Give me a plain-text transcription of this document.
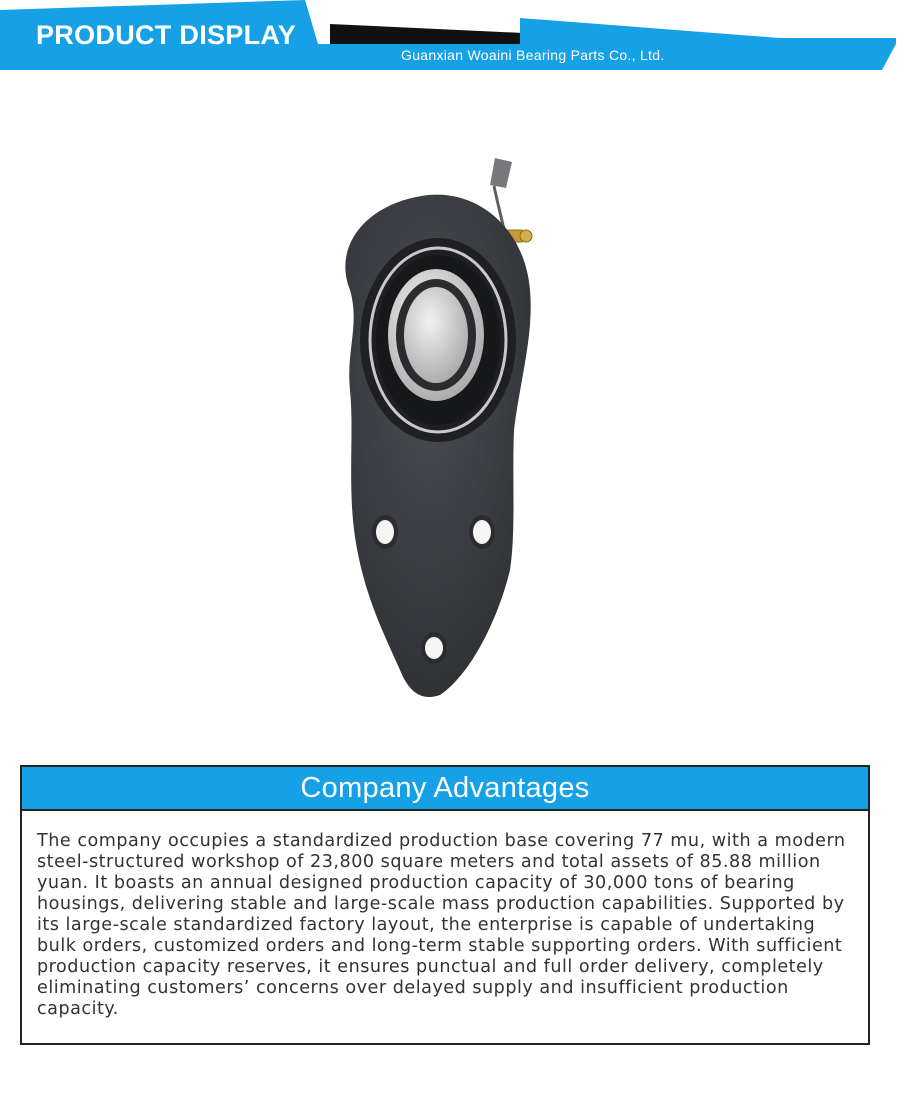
PRODUCT DISPLAY
Guanxian Woaini Bearing Parts Co., Ltd.
Company Advantages

The company occupies a standardized production base covering 77 mu, with a modern steel-structured workshop of 23,800 square meters and total assets of 85.88 million yuan. It boasts an annual designed production capacity of 30,000 tons of bearing housings, delivering stable and large-scale mass production capabilities. Supported by its large-scale standardized factory layout, the enterprise is capable of undertaking bulk orders, customized orders and long-term stable supporting orders. With sufficient production capacity reserves, it ensures punctual and full order delivery, completely eliminating customers’ concerns over delayed supply and insufficient production capacity.
